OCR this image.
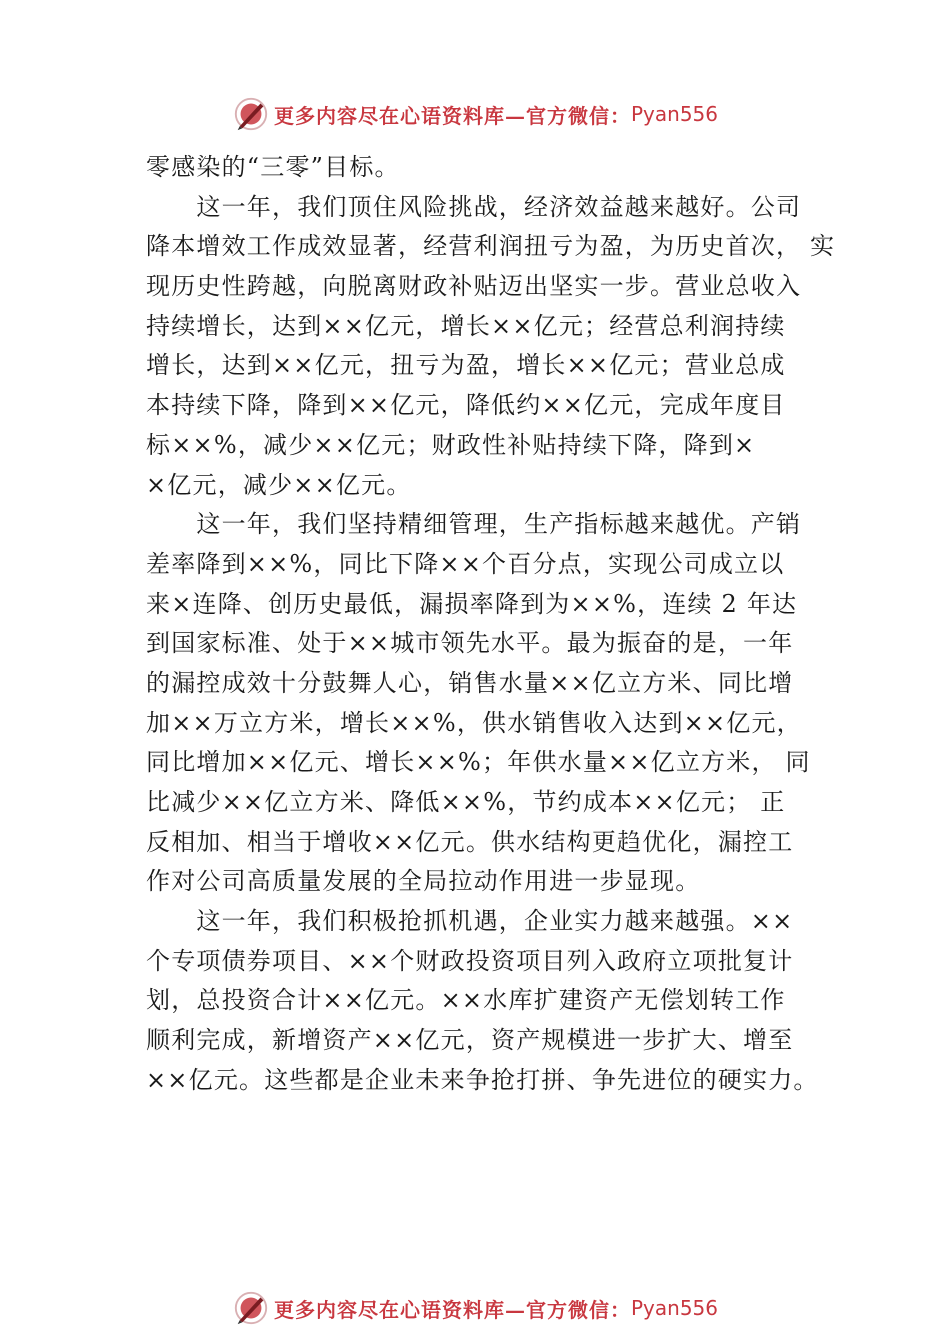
更多内容尽在心语资料库 —官方微信： Pyan556
零感染的“三零”目标。
　　这一年，我们顶住风险挑战，经济效益越来越好。公司
降本增效工作成效显著，经营利润扭亏为盈，为历史首次， 实
现历史性跨越，向脱离财政补贴迈出坚实一步。营业总收入
持续增长，达到××亿元，增长××亿元；经营总利润持续
增长，达到××亿元，扭亏为盈，增长××亿元；营业总成
本持续下降，降到××亿元，降低约××亿元，完成年度目
标××%，减少××亿元；财政性补贴持续下降，降到×
×亿元，减少××亿元。
　　这一年，我们坚持精细管理，生产指标越来越优。产销
差率降到××%，同比下降××个百分点，实现公司成立以
来×连降、创历史最低，漏损率降到为××%，连续 2 年达
到国家标准、处于××城市领先水平。最为振奋的是，一年
的漏控成效十分鼓舞人心，销售水量××亿立方米、同比增
加××万立方米，增长××%，供水销售收入达到××亿元，
同比增加××亿元、增长××%；年供水量××亿立方米， 同
比减少××亿立方米、降低××%，节约成本××亿元； 正
反相加、相当于增收××亿元。供水结构更趋优化，漏控工
作对公司高质量发展的全局拉动作用进一步显现。
　　这一年，我们积极抢抓机遇，企业实力越来越强。××
个专项债券项目、××个财政投资项目列入政府立项批复计
划，总投资合计××亿元。××水库扩建资产无偿划转工作
顺利完成，新增资产××亿元，资产规模进一步扩大、增至
××亿元。这些都是企业未来争抢打拼、争先进位的硬实力。
更多内容尽在心语资料库 —官方微信： Pyan556
